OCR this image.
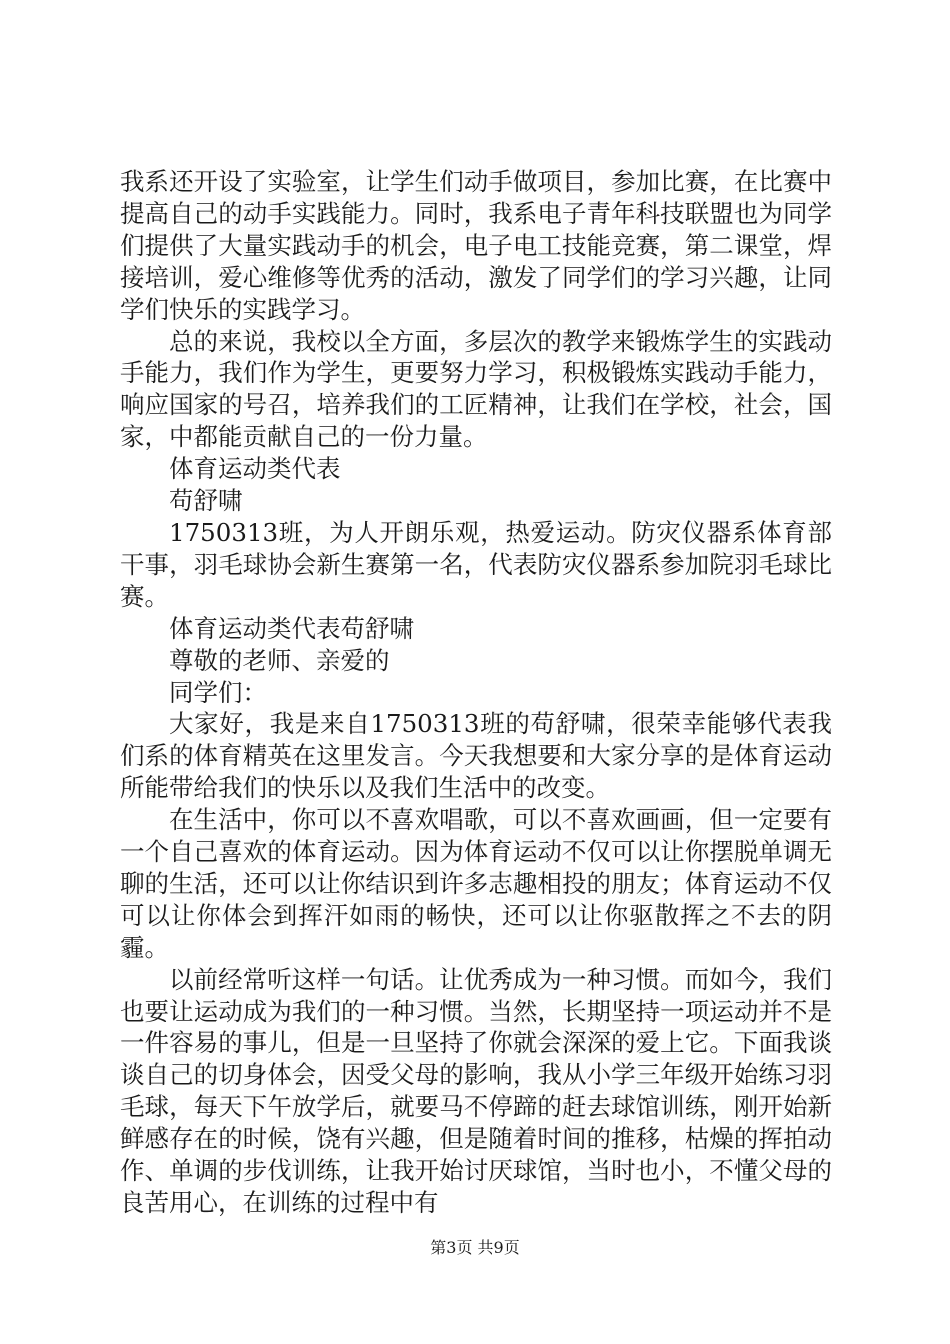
我系还开设了实验室，让学生们动手做项目，参加比赛，在比赛中提高自己的动手实践能力。同时，我系电子青年科技联盟也为同学们提供了大量实践动手的机会，电子电工技能竞赛，第二课堂，焊接培训，爱心维修等优秀的活动，激发了同学们的学习兴趣，让同学们快乐的实践学习。

总的来说，我校以全方面，多层次的教学来锻炼学生的实践动手能力，我们作为学生，更要努力学习，积极锻炼实践动手能力，响应国家的号召，培养我们的工匠精神，让我们在学校，社会，国家，中都能贡献自己的一份力量。

体育运动类代表

苟舒啸

1750313班，为人开朗乐观，热爱运动。防灾仪器系体育部干事，羽毛球协会新生赛第一名，代表防灾仪器系参加院羽毛球比赛。

体育运动类代表苟舒啸

尊敬的老师、亲爱的

同学们：

大家好，我是来自1750313班的苟舒啸，很荣幸能够代表我们系的体育精英在这里发言。今天我想要和大家分享的是体育运动所能带给我们的快乐以及我们生活中的改变。

在生活中，你可以不喜欢唱歌，可以不喜欢画画，但一定要有一个自己喜欢的体育运动。因为体育运动不仅可以让你摆脱单调无聊的生活，还可以让你结识到许多志趣相投的朋友；体育运动不仅可以让你体会到挥汗如雨的畅快，还可以让你驱散挥之不去的阴霾。

以前经常听这样一句话。让优秀成为一种习惯。而如今，我们也要让运动成为我们的一种习惯。当然，长期坚持一项运动并不是一件容易的事儿，但是一旦坚持了你就会深深的爱上它。下面我谈谈自己的切身体会，因受父母的影响，我从小学三年级开始练习羽毛球，每天下午放学后，就要马不停蹄的赶去球馆训练，刚开始新鲜感存在的时候，饶有兴趣，但是随着时间的推移，枯燥的挥拍动作、单调的步伐训练，让我开始讨厌球馆，当时也小，不懂父母的良苦用心，在训练的过程中有

第3页 共9页
